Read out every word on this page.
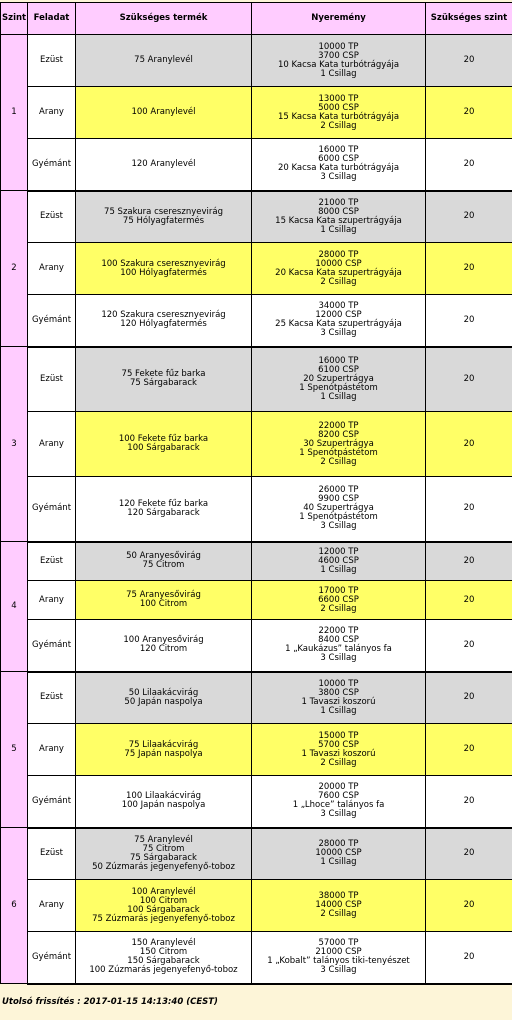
Szint	Feladat	Szükséges termék	Nyeremény	Szükséges szint
1	Ezüst	75 Aranylevél	10000 TP
3700 CSP
10 Kacsa Kata turbótrágyája
1 Csillag	20
	Arany	100 Aranylevél	13000 TP
5000 CSP
15 Kacsa Kata turbótrágyája
2 Csillag	20
	Gyémánt	120 Aranylevél	16000 TP
6000 CSP
20 Kacsa Kata turbótrágyája
3 Csillag	20
2	Ezüst	75 Szakura cseresznyevirág
75 Hólyagfatermés	21000 TP
8000 CSP
15 Kacsa Kata szupertrágyája
1 Csillag	20
	Arany	100 Szakura cseresznyevirág
100 Hólyagfatermés	28000 TP
10000 CSP
20 Kacsa Kata szupertrágyája
2 Csillag	20
	Gyémánt	120 Szakura cseresznyevirág
120 Hólyagfatermés	34000 TP
12000 CSP
25 Kacsa Kata szupertrágyája
3 Csillag	20
3	Ezüst	75 Fekete fűz barka
75 Sárgabarack	16000 TP
6100 CSP
20 Szupertrágya
1 Spenótpástétom
1 Csillag	20
	Arany	100 Fekete fűz barka
100 Sárgabarack	22000 TP
8200 CSP
30 Szupertrágya
1 Spenótpástétom
2 Csillag	20
	Gyémánt	120 Fekete fűz barka
120 Sárgabarack	26000 TP
9900 CSP
40 Szupertrágya
1 Spenótpástétom
3 Csillag	20
4	Ezüst	50 Aranyesővirág
75 Citrom	12000 TP
4600 CSP
1 Csillag	20
	Arany	75 Aranyesővirág
100 Citrom	17000 TP
6600 CSP
2 Csillag	20
	Gyémánt	100 Aranyesővirág
120 Citrom	22000 TP
8400 CSP
1 „Kaukázus” talányos fa
3 Csillag	20
5	Ezüst	50 Lilaakácvirág
50 Japán naspolya	10000 TP
3800 CSP
1 Tavaszi koszorú
1 Csillag	20
	Arany	75 Lilaakácvirág
75 Japán naspolya	15000 TP
5700 CSP
1 Tavaszi koszorú
2 Csillag	20
	Gyémánt	100 Lilaakácvirág
100 Japán naspolya	20000 TP
7600 CSP
1 „Lhoce” talányos fa
3 Csillag	20
6	Ezüst	75 Aranylevél
75 Citrom
75 Sárgabarack
50 Zúzmarás jegenyefenyő-toboz	28000 TP
10000 CSP
1 Csillag	20
	Arany	100 Aranylevél
100 Citrom
100 Sárgabarack
75 Zúzmarás jegenyefenyő-toboz	38000 TP
14000 CSP
2 Csillag	20
	Gyémánt	150 Aranylevél
150 Citrom
150 Sárgabarack
100 Zúzmarás jegenyefenyő-toboz	57000 TP
21000 CSP
1 „Kobalt” talányos tiki-tenyészet
3 Csillag	20
Utolsó frissítés : 2017-01-15 14:13:40 (CEST)
